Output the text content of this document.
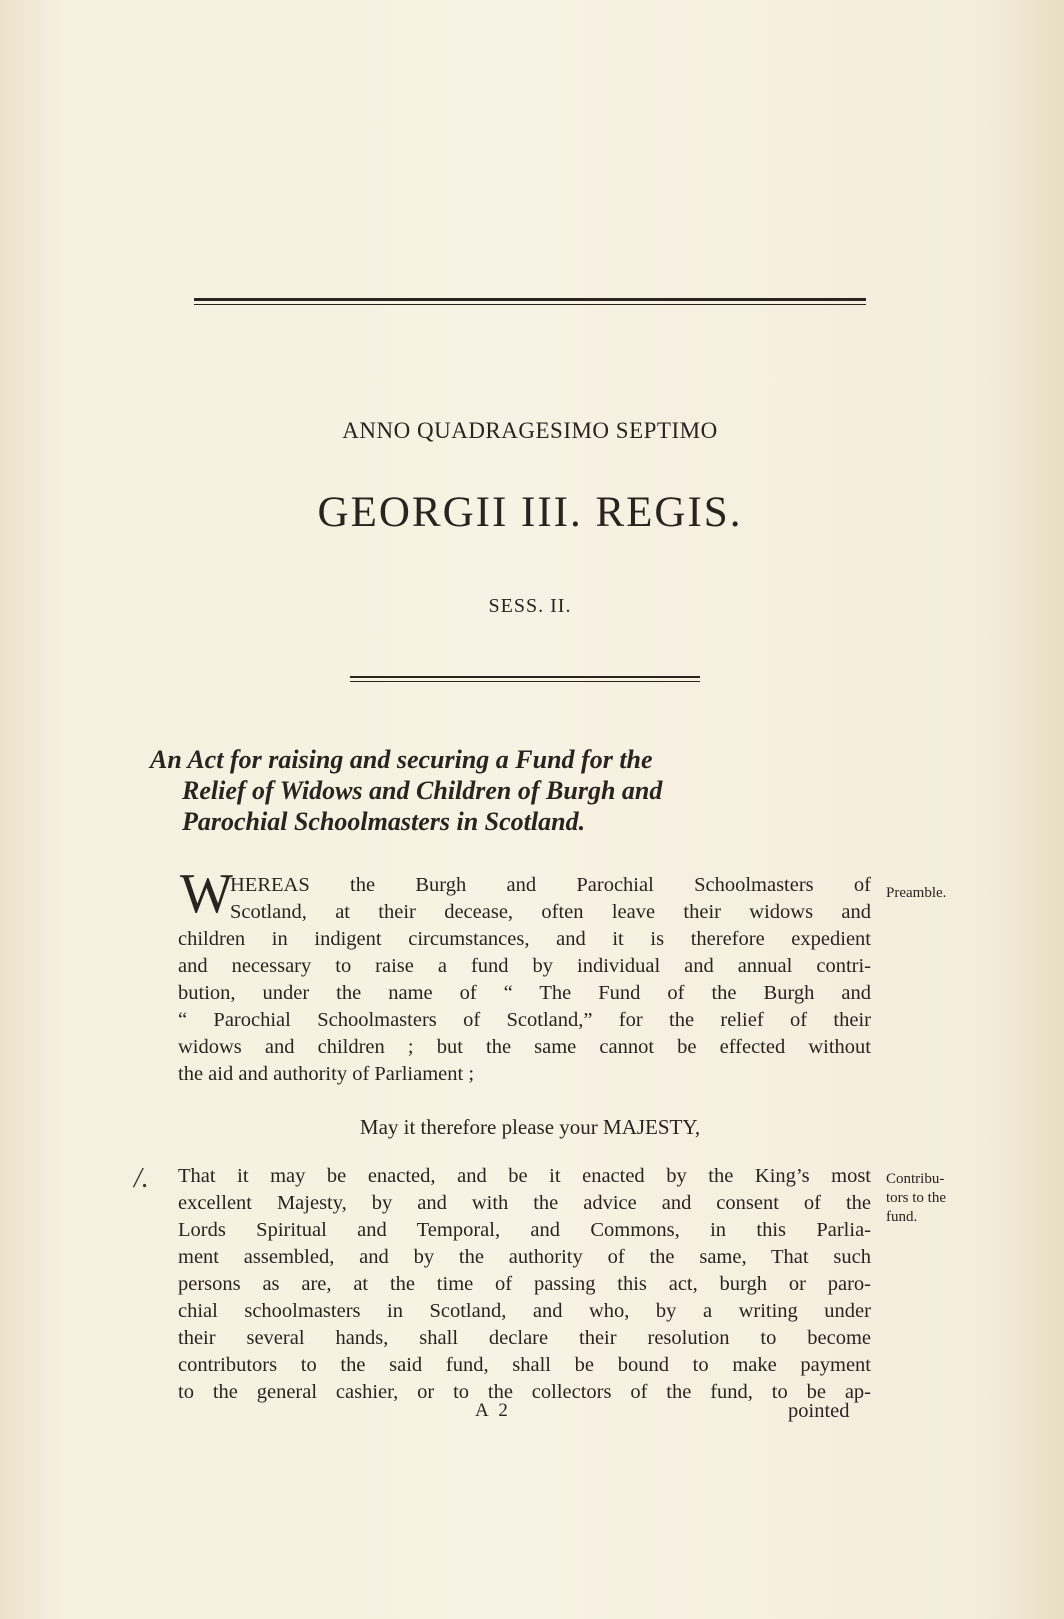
ANNO QUADRAGESIMO SEPTIMO
GEORGII III. REGIS.
SESS. II.
An Act for raising and securing a Fund for the
Relief of Widows and Children of Burgh and
Parochial Schoolmasters in Scotland.
W
HEREAS the Burgh and Parochial Schoolmasters of
Scotland, at their decease, often leave their widows and
children in indigent circumstances, and it is therefore expedient
and necessary to raise a fund by individual and annual contri-
bution, under the name of “ The Fund of the Burgh and
“ Parochial Schoolmasters of Scotland,” for the relief of their
widows and children ; but the same cannot be effected without
the aid and authority of Parliament ;
Preamble.
May it therefore please your MAJESTY,
/. That it may be enacted, and be it enacted by the King’s most
excellent Majesty, by and with the advice and consent of the
Lords Spiritual and Temporal, and Commons, in this Parlia-
ment assembled, and by the authority of the same, That such
persons as are, at the time of passing this act, burgh or paro-
chial schoolmasters in Scotland, and who, by a writing under
their several hands, shall declare their resolution to become
contributors to the said fund, shall be bound to make payment
to the general cashier, or to the collectors of the fund, to be ap-
Contribu-
tors to the
fund.
A 2	pointed
